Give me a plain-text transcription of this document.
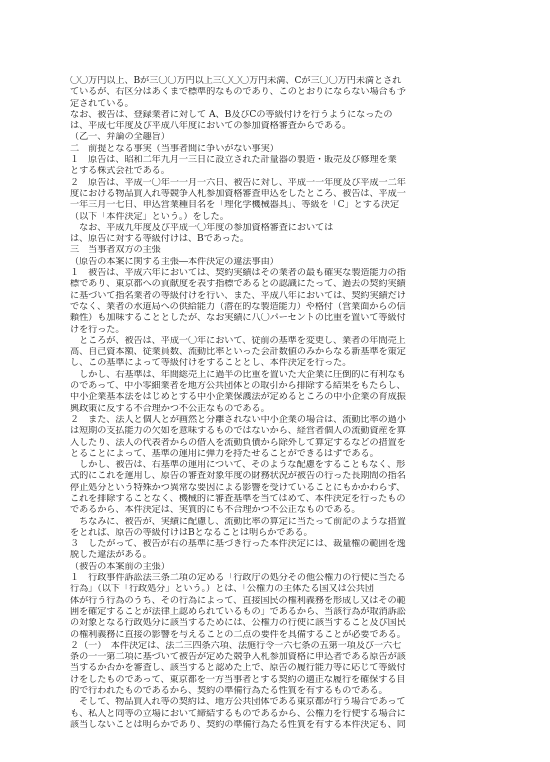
〇〇万円以上、Bが三〇〇万円以上三〇〇〇万円未満、Cが三〇〇万円未満とされ

ているが、右区分はあくまで標準的なものであり、このとおりにならない場合も予

定されている。

なお、被告は、登録業者に対して A、B及びCの等級付けを行うようになったの

は、平成七年度及び平成八年度においての参加資格審査からである。

（乙一、弁論の全趣旨）

二　前提となる事実（当事者間に争いがない事実）

１　原告は、昭和二年九月一三日に設立された計量器の製造・販売及び修理を業

とする株式会社である。

２　原告は、平成一〇年一一月一六日、被告に対し、平成一一年度及び平成一二年

度における物品買入れ等競争入札参加資格審査申込をしたところ、被告は、平成一

一年三月一七日、申込営業種目名を「理化学機械器具」、等級を「C」とする決定

（以下「本件決定」という。）をした。

　なお、平成九年度及び平成一〇年度の参加資格審査においては

は、原告に対する等級付けは、Bであった。

三　当事者双方の主張

（原告の本案に関する主張―本件決定の違法事由）

１　被告は、平成六年においては、契約実績はその業者の最も確実な製造能力の指

標であり、東京都への貢献度を表す指標であるとの認識にたって、過去の契約実績

に基づいて指名業者の等級付けを行い、また、平成八年においては、契約実績だけ

でなく、業者の水道局への供給能力（潜在的な製造能力）や格付（営業面からの信

頼性）も加味することとしたが、なお実績に八〇パーセントの比重を置いて等級付

けを行った。

　ところが、被告は、平成一〇年において、従前の基準を変更し、業者の年間売上

高、自己資本額、従業員数、流動比率といった会計数値のみからなる新基準を策定

し、この基準によって等級付けをすることとし、本件決定を行った。

　しかし、右基準は、年間総売上に過半の比重を置いた大企業に圧倒的に有利なも

のであって、中小零細業者を地方公共団体との取引から排除する結果をもたらし、

中小企業基本法をはじめとする中小企業保護法が定めるところの中小企業の育成振

興政策に反する不合理かつ不公正なものである。

２　また、法人と個人とが画然と分離されない中小企業の場合は、流動比率の過小

は短期の支払能力の欠如を意味するものではないから、経営者個人の流動資産を算

入したり、法人の代表者からの借入を流動負債から除外して算定するなどの措置を

とることによって、基準の運用に弾力を持たせることができるはずである。

　しかし、被告は、右基準の運用について、そのような配慮をすることもなく、形

式的にこれを運用し、原告の審査対象年度の財務状況が被告の行った長期間の指名

停止処分という特殊かつ異常な要因による影響を受けていることにもかかわらず、

これを排除することなく、機械的に審査基準を当てはめて、本件決定を行ったもの

であるから、本件決定は、実質的にも不合理かつ不公正なものである。

　ちなみに、被告が、実績に配慮し、流動比率の算定に当たって前記のような措置

をとれば、原告の等級付けはBとなることは明らかである。

３　したがって、被告が右の基準に基づき行った本件決定には、裁量権の範囲を逸

脱した違法がある。

（被告の本案前の主張）

１　行政事件訴訟法三条二項の定める「行政庁の処分その他公権力の行使に当たる

行為」（以下「行政処分」という。）とは、「公権力の主体たる国又は公共団

体が行う行為のうち、その行為によって、直接国民の権利義務を形成し又はその範

囲を確定することが法律上認められているもの」であるから、当該行為が取消訴訟

の対象となる行政処分に該当するためには、公権力の行使に該当すること及び国民

の権利義務に直接の影響を与えることの二点の要件を具備することが必要である。

２（一）　本件決定は、法二三四条六項、法施行令一六七条の五第一項及び一六七

条の一一第二項に基づいて被告が定めた競争入札参加資格に申込者である原告が該

当するか否かを審査し、該当すると認めた上で、原告の履行能力等に応じて等級付

けをしたものであって、東京都を一方当事者とする契約の適正な履行を確保する目

的で行われたものであるから、契約の準備行為たる性質を有するものである。

　そして、物品買入れ等の契約は、地方公共団体である東京都が行う場合であって

も、私人と同等の立場において締結するものであるから、公権力を行使する場合に

該当しないことは明らかであり、契約の準備行為たる性質を有する本件決定も、同
